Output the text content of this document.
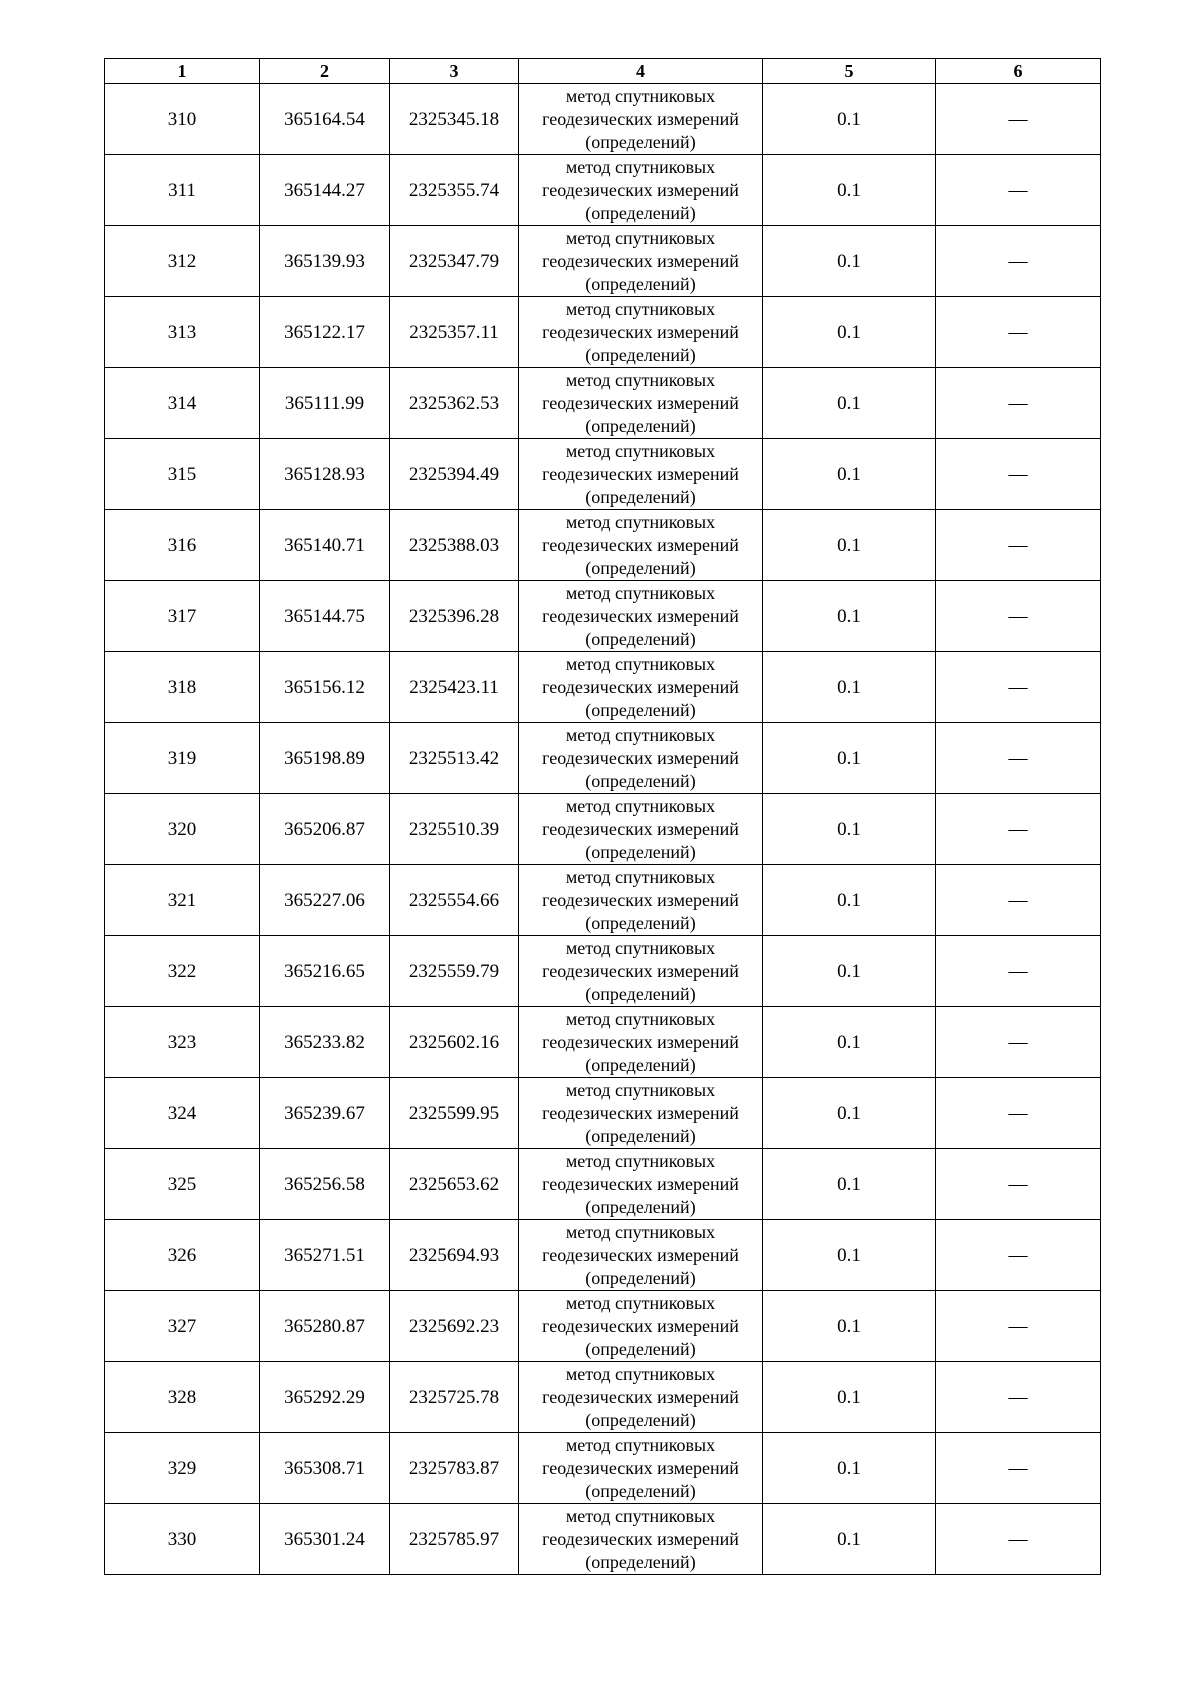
1	2	3	4	5	6
310	365164.54	2325345.18	метод спутниковых геодезических измерений (определений)	0.1	—
311	365144.27	2325355.74	метод спутниковых геодезических измерений (определений)	0.1	—
312	365139.93	2325347.79	метод спутниковых геодезических измерений (определений)	0.1	—
313	365122.17	2325357.11	метод спутниковых геодезических измерений (определений)	0.1	—
314	365111.99	2325362.53	метод спутниковых геодезических измерений (определений)	0.1	—
315	365128.93	2325394.49	метод спутниковых геодезических измерений (определений)	0.1	—
316	365140.71	2325388.03	метод спутниковых геодезических измерений (определений)	0.1	—
317	365144.75	2325396.28	метод спутниковых геодезических измерений (определений)	0.1	—
318	365156.12	2325423.11	метод спутниковых геодезических измерений (определений)	0.1	—
319	365198.89	2325513.42	метод спутниковых геодезических измерений (определений)	0.1	—
320	365206.87	2325510.39	метод спутниковых геодезических измерений (определений)	0.1	—
321	365227.06	2325554.66	метод спутниковых геодезических измерений (определений)	0.1	—
322	365216.65	2325559.79	метод спутниковых геодезических измерений (определений)	0.1	—
323	365233.82	2325602.16	метод спутниковых геодезических измерений (определений)	0.1	—
324	365239.67	2325599.95	метод спутниковых геодезических измерений (определений)	0.1	—
325	365256.58	2325653.62	метод спутниковых геодезических измерений (определений)	0.1	—
326	365271.51	2325694.93	метод спутниковых геодезических измерений (определений)	0.1	—
327	365280.87	2325692.23	метод спутниковых геодезических измерений (определений)	0.1	—
328	365292.29	2325725.78	метод спутниковых геодезических измерений (определений)	0.1	—
329	365308.71	2325783.87	метод спутниковых геодезических измерений (определений)	0.1	—
330	365301.24	2325785.97	метод спутниковых геодезических измерений (определений)	0.1	—
